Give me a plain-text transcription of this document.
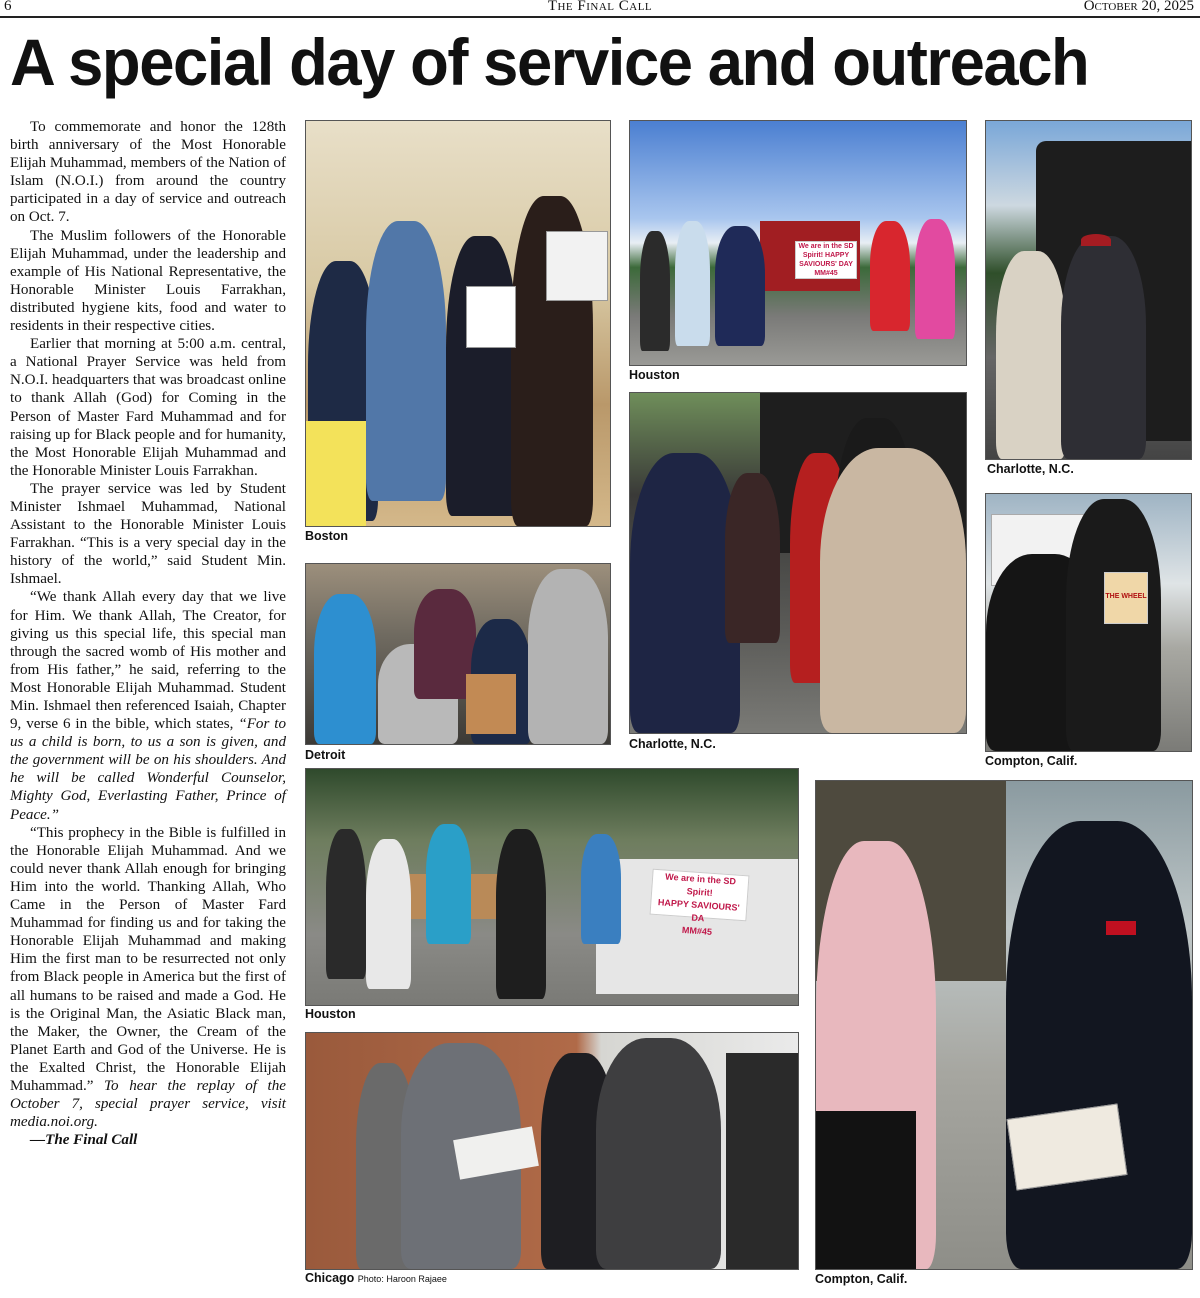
6	The Final Call	October 20, 2025
A special day of service and outreach

To commemorate and honor the 128th birth anniversary of the Most Honorable Elijah Muhammad, members of the Nation of Islam (N.O.I.) from around the country participated in a day of service and outreach on Oct. 7.

The Muslim followers of the Honorable Elijah Muhammad, under the leadership and example of His National Representative, the Honorable Minister Louis Farrakhan, distributed hygiene kits, food and water to residents in their respective cities.

Earlier that morning at 5:00 a.m. central, a National Prayer Service was held from N.O.I. headquarters that was broadcast online to thank Allah (God) for Coming in the Person of Master Fard Muhammad and for raising up for Black people and for humanity, the Most Honorable Elijah Muhammad and the Honorable Minister Louis Farrakhan.

The prayer service was led by Student Minister Ishmael Muhammad, National Assistant to the Honorable Minister Louis Farrakhan. “This is a very special day in the history of the world,” said Student Min. Ishmael.

“We thank Allah every day that we live for Him. We thank Allah, The Creator, for giving us this special life, this special man through the sacred womb of His mother and from His father,” he said, referring to the Most Honorable Elijah Muhammad. Student Min. Ishmael then referenced Isaiah, Chapter 9, verse 6 in the bible, which states, “For to us a child is born, to us a son is given, and the government will be on his shoulders. And he will be called Wonderful Counselor, Mighty God, Everlasting Father, Prince of Peace.”

“This prophecy in the Bible is fulfilled in the Honorable Elijah Muhammad. And we could never thank Allah enough for bringing Him into the world. Thanking Allah, Who Came in the Person of Master Fard Muhammad for finding us and for taking the Honorable Elijah Muhammad and making Him the first man to be resurrected not only from Black people in America but the first of all humans to be raised and made a God. He is the Original Man, the Asiatic Black man, the Maker, the Owner, the Cream of the Planet Earth and God of the Universe. He is the Exalted Christ, the Honorable Elijah Muhammad.” To hear the replay of the October 7, special prayer service, visit media.noi.org.

—The Final Call

Boston
We are in the SD Spirit! HAPPY SAVIOURS' DAY MM#45
Houston
Charlotte, N.C.
Detroit
Charlotte, N.C.
THE WHEEL
Compton, Calif.
We are in the SD Spirit!
HAPPY SAVIOURS' DA
MM#45
Houston
Compton, Calif.
Chicago Photo: Haroon Rajaee
